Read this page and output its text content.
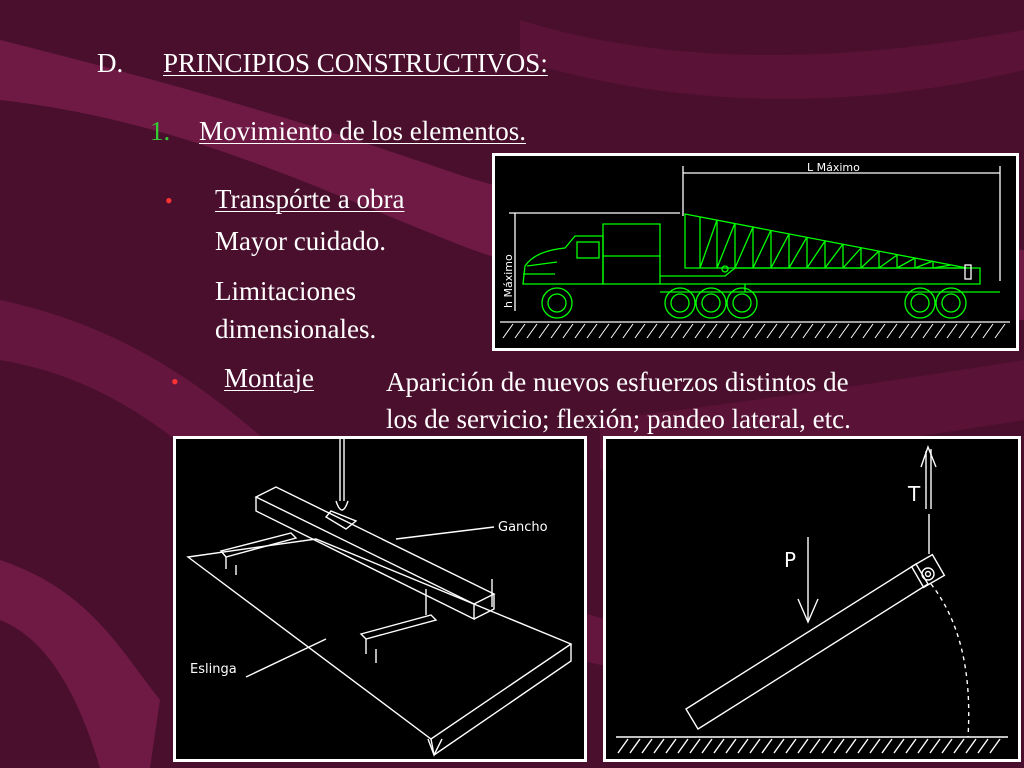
D. PRINCIPIOS CONSTRUCTIVOS:
1. Movimiento de los elementos.
• Transpórte a obra
Mayor cuidado.
Limitaciones
dimensionales.
• Montaje	Aparición de nuevos esfuerzos distintos de
los de servicio; flexión; pandeo lateral, etc.
L Máximo
h Máximo
Gancho
Eslinga
T
P
